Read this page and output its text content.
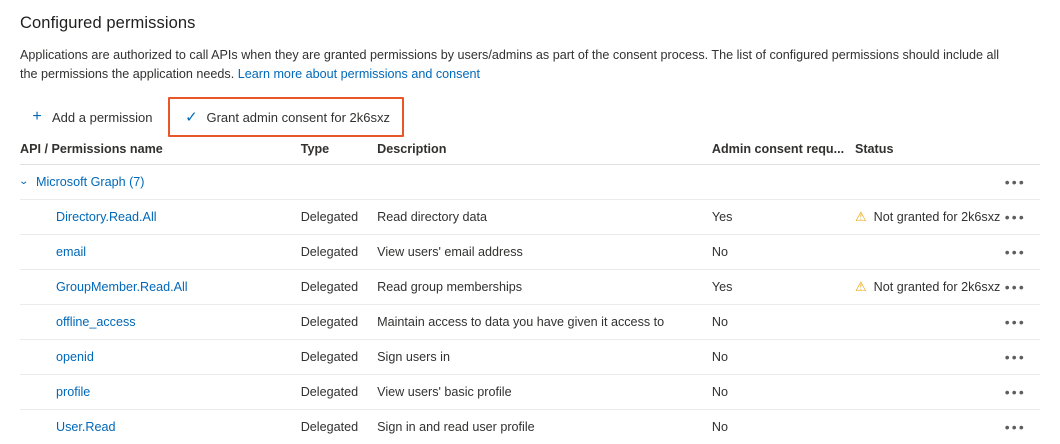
Configured permissions
Applications are authorized to call APIs when they are granted permissions by users/admins as part of the consent process. The list of configured permissions should include all the permissions the application needs. Learn more about permissions and consent
+ Add a permission ✓ Grant admin consent for 2k6sxz
API / Permissions name	Type	Description	Admin consent requ...	Status	

⌄ Microsoft Graph (7)					•••
Directory.Read.All	Delegated	Read directory data	Yes	⚠ Not granted for 2k6sxz	•••
email	Delegated	View users' email address	No		•••
GroupMember.Read.All	Delegated	Read group memberships	Yes	⚠ Not granted for 2k6sxz	•••
offline_access	Delegated	Maintain access to data you have given it access to	No		•••
openid	Delegated	Sign users in	No		•••
profile	Delegated	View users' basic profile	No		•••
User.Read	Delegated	Sign in and read user profile	No		•••
